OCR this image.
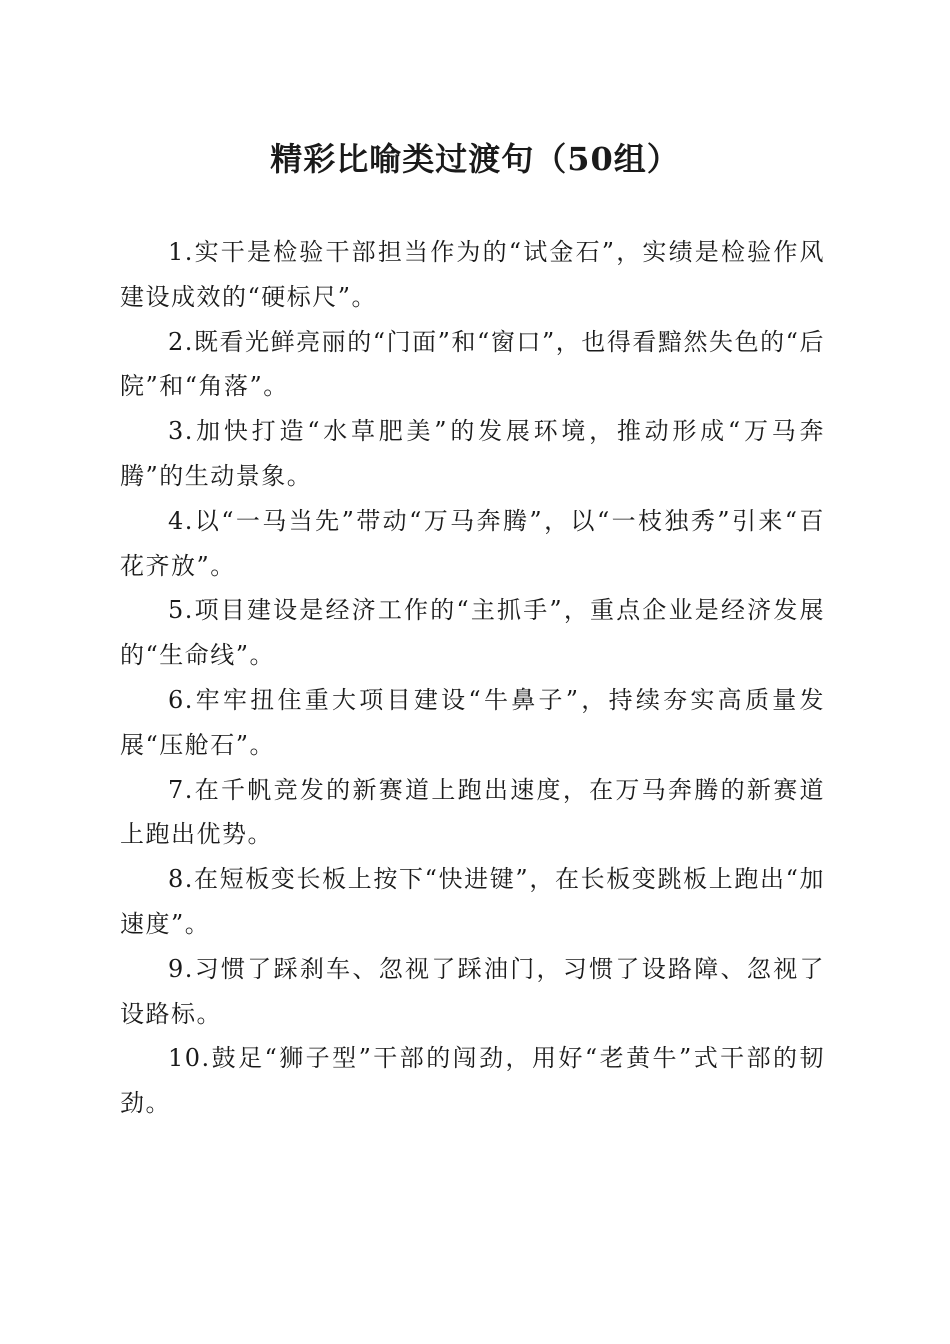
精彩比喻类过渡句（50组）

1.实干是检验干部担当作为的“试金石”，实绩是检验作风建设成效的“硬标尺”。

2.既看光鲜亮丽的“门面”和“窗口”，也得看黯然失色的“后院”和“角落”。

3.加快打造“水草肥美”的发展环境，推动形成“万马奔腾”的生动景象。

4.以“一马当先”带动“万马奔腾”，以“一枝独秀”引来“百花齐放”。

5.项目建设是经济工作的“主抓手”，重点企业是经济发展的“生命线”。

6.牢牢扭住重大项目建设“牛鼻子”，持续夯实高质量发展“压舱石”。

7.在千帆竞发的新赛道上跑出速度，在万马奔腾的新赛道上跑出优势。

8.在短板变长板上按下“快进键”，在长板变跳板上跑出“加速度”。

9.习惯了踩刹车、忽视了踩油门，习惯了设路障、忽视了设路标。

10.鼓足“狮子型”干部的闯劲，用好“老黄牛”式干部的韧劲。
